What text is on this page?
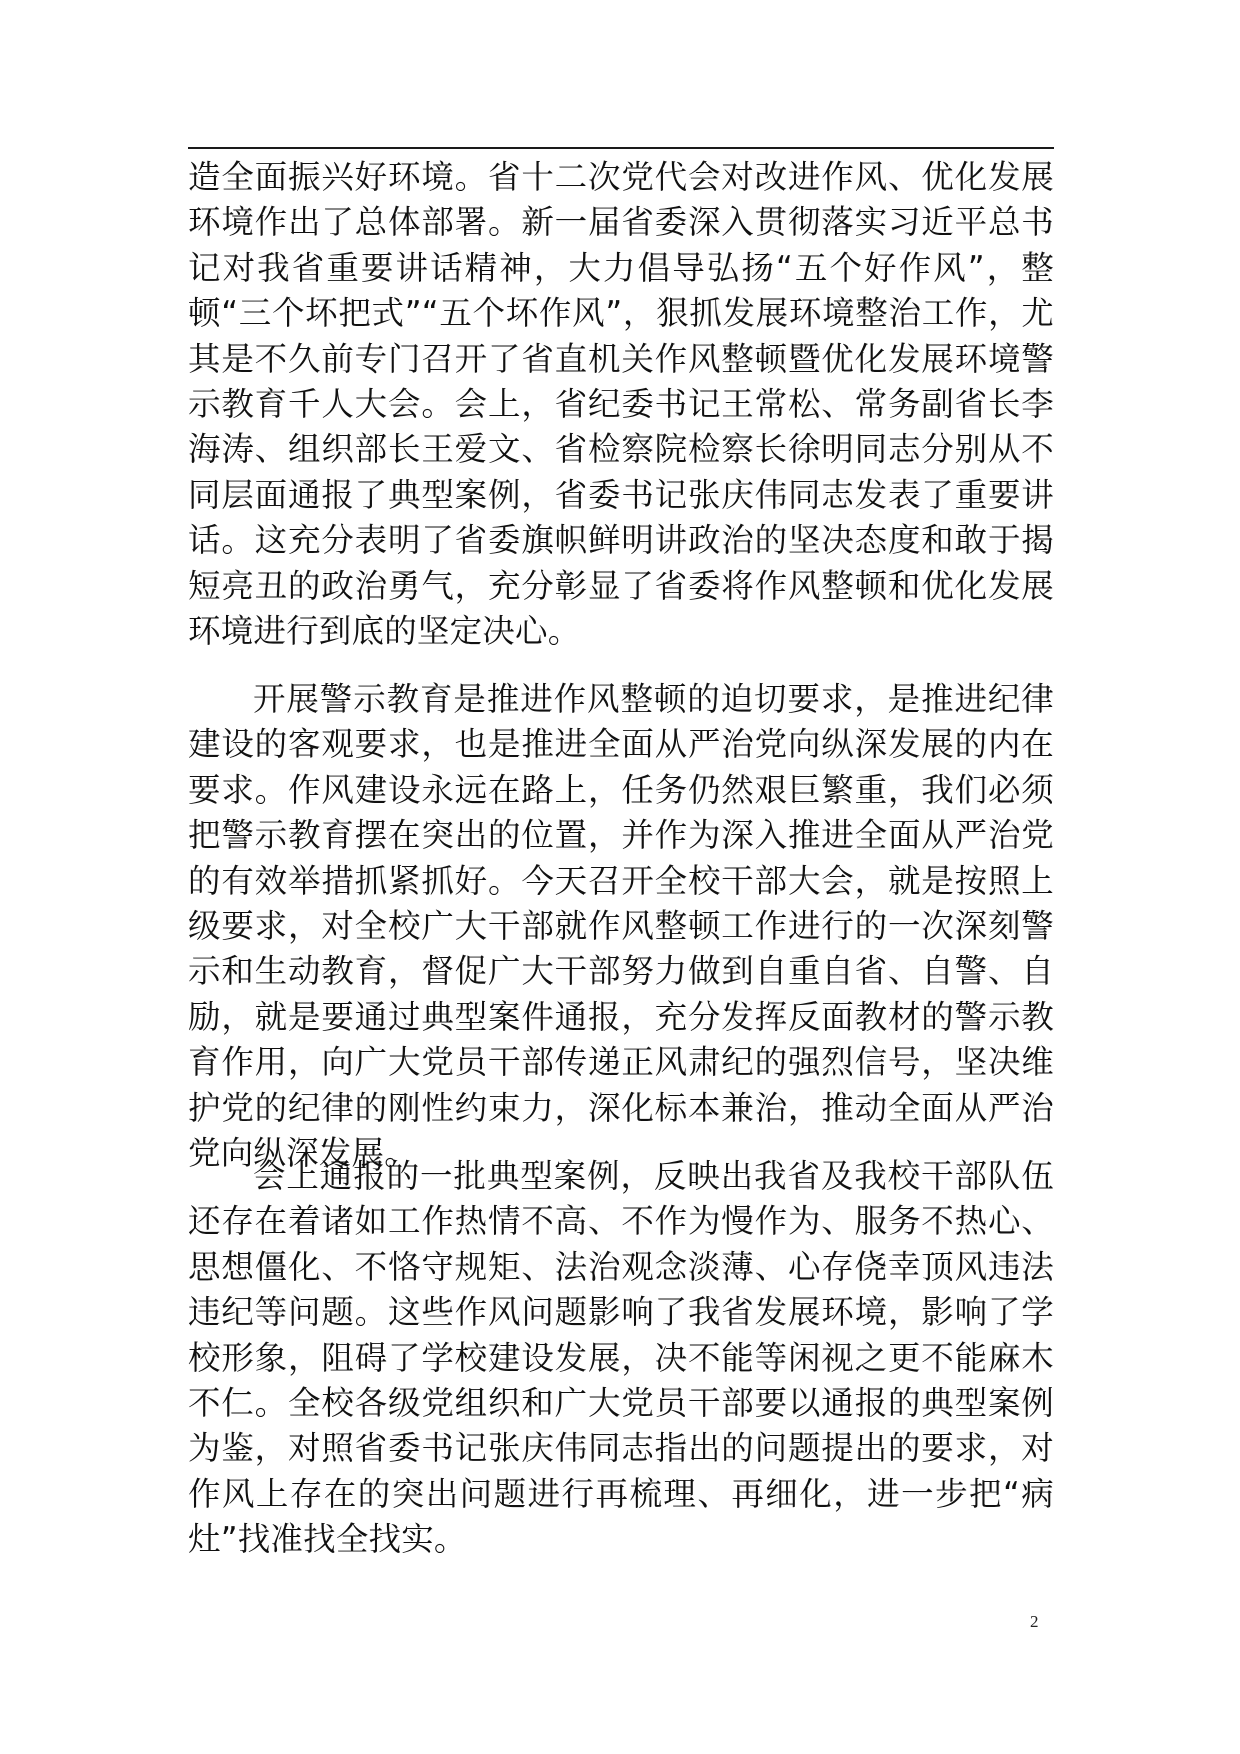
造全面振兴好环境。省十二次党代会对改进作风、优化发展环境作出了总体部署。新一届省委深入贯彻落实习近平总书记对我省重要讲话精神，大力倡导弘扬“五个好作风”，整顿“三个坏把式”“五个坏作风”，狠抓发展环境整治工作，尤其是不久前专门召开了省直机关作风整顿暨优化发展环境警示教育千人大会。会上，省纪委书记王常松、常务副省长李海涛、组织部长王爱文、省检察院检察长徐明同志分别从不同层面通报了典型案例，省委书记张庆伟同志发表了重要讲话。这充分表明了省委旗帜鲜明讲政治的坚决态度和敢于揭短亮丑的政治勇气，充分彰显了省委将作风整顿和优化发展环境进行到底的坚定决心。

开展警示教育是推进作风整顿的迫切要求，是推进纪律建设的客观要求，也是推进全面从严治党向纵深发展的内在要求。作风建设永远在路上，任务仍然艰巨繁重，我们必须把警示教育摆在突出的位置，并作为深入推进全面从严治党的有效举措抓紧抓好。今天召开全校干部大会，就是按照上级要求，对全校广大干部就作风整顿工作进行的一次深刻警示和生动教育，督促广大干部努力做到自重自省、自警、自励，就是要通过典型案件通报，充分发挥反面教材的警示教育作用，向广大党员干部传递正风肃纪的强烈信号，坚决维护党的纪律的刚性约束力，深化标本兼治，推动全面从严治党向纵深发展。

会上通报的一批典型案例，反映出我省及我校干部队伍还存在着诸如工作热情不高、不作为慢作为、服务不热心、思想僵化、不恪守规矩、法治观念淡薄、心存侥幸顶风违法违纪等问题。这些作风问题影响了我省发展环境，影响了学校形象，阻碍了学校建设发展，决不能等闲视之更不能麻木不仁。全校各级党组织和广大党员干部要以通报的典型案例为鉴，对照省委书记张庆伟同志指出的问题提出的要求，对作风上存在的突出问题进行再梳理、再细化，进一步把“病灶”找准找全找实。

2
